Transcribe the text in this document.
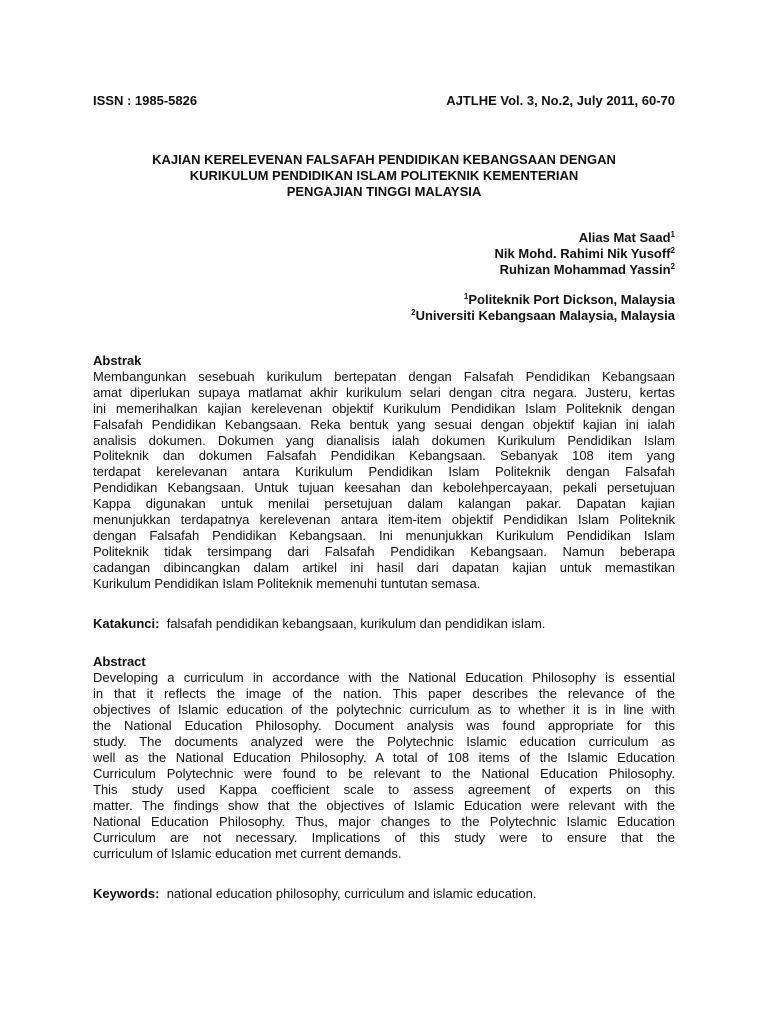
ISSN : 1985-5826	AJTLHE Vol. 3, No.2, July 2011, 60-70
KAJIAN KERELEVENAN FALSAFAH PENDIDIKAN KEBANGSAAN DENGAN
KURIKULUM PENDIDIKAN ISLAM POLITEKNIK KEMENTERIAN
PENGAJIAN TINGGI MALAYSIA
Alias Mat Saad$^1$
Nik Mohd. Rahimi Nik Yusoff$^2$
Ruhizan Mohammad Yassin$^2$
$^1$Politeknik Port Dickson, Malaysia
$^2$Universiti Kebangsaan Malaysia, Malaysia
Abstrak
Membangunkan sesebuah kurikulum bertepatan dengan Falsafah Pendidikan Kebangsaan
amat diperlukan supaya matlamat akhir kurikulum selari dengan citra negara. Justeru, kertas
ini memerihalkan kajian kerelevenan objektif Kurikulum Pendidikan Islam Politeknik dengan
Falsafah Pendidikan Kebangsaan. Reka bentuk yang sesuai dengan objektif kajian ini ialah
analisis dokumen. Dokumen yang dianalisis ialah dokumen Kurikulum Pendidikan Islam
Politeknik dan dokumen Falsafah Pendidikan Kebangsaan. Sebanyak 108 item yang
terdapat kerelevanan antara Kurikulum Pendidikan Islam Politeknik dengan Falsafah
Pendidikan Kebangsaan. Untuk tujuan keesahan dan kebolehpercayaan, pekali persetujuan
Kappa digunakan untuk menilai persetujuan dalam kalangan pakar. Dapatan kajian
menunjukkan terdapatnya kerelevenan antara item-item objektif Pendidikan Islam Politeknik
dengan Falsafah Pendidikan Kebangsaan. Ini menunjukkan Kurikulum Pendidikan Islam
Politeknik tidak tersimpang dari Falsafah Pendidikan Kebangsaan. Namun beberapa
cadangan dibincangkan dalam artikel ini hasil dari dapatan kajian untuk memastikan
Kurikulum Pendidikan Islam Politeknik memenuhi tuntutan semasa.
Katakunci: falsafah pendidikan kebangsaan, kurikulum dan pendidikan islam.
Abstract
Developing a curriculum in accordance with the National Education Philosophy is essential
in that it reflects the image of the nation. This paper describes the relevance of the
objectives of Islamic education of the polytechnic curriculum as to whether it is in line with
the National Education Philosophy. Document analysis was found appropriate for this
study. The documents analyzed were the Polytechnic Islamic education curriculum as
well as the National Education Philosophy. A total of 108 items of the Islamic Education
Curriculum Polytechnic were found to be relevant to the National Education Philosophy.
This study used Kappa coefficient scale to assess agreement of experts on this
matter. The findings show that the objectives of Islamic Education were relevant with the
National Education Philosophy. Thus, major changes to the Polytechnic Islamic Education
Curriculum are not necessary. Implications of this study were to ensure that the
curriculum of Islamic education met current demands.
Keywords: national education philosophy, curriculum and islamic education.
